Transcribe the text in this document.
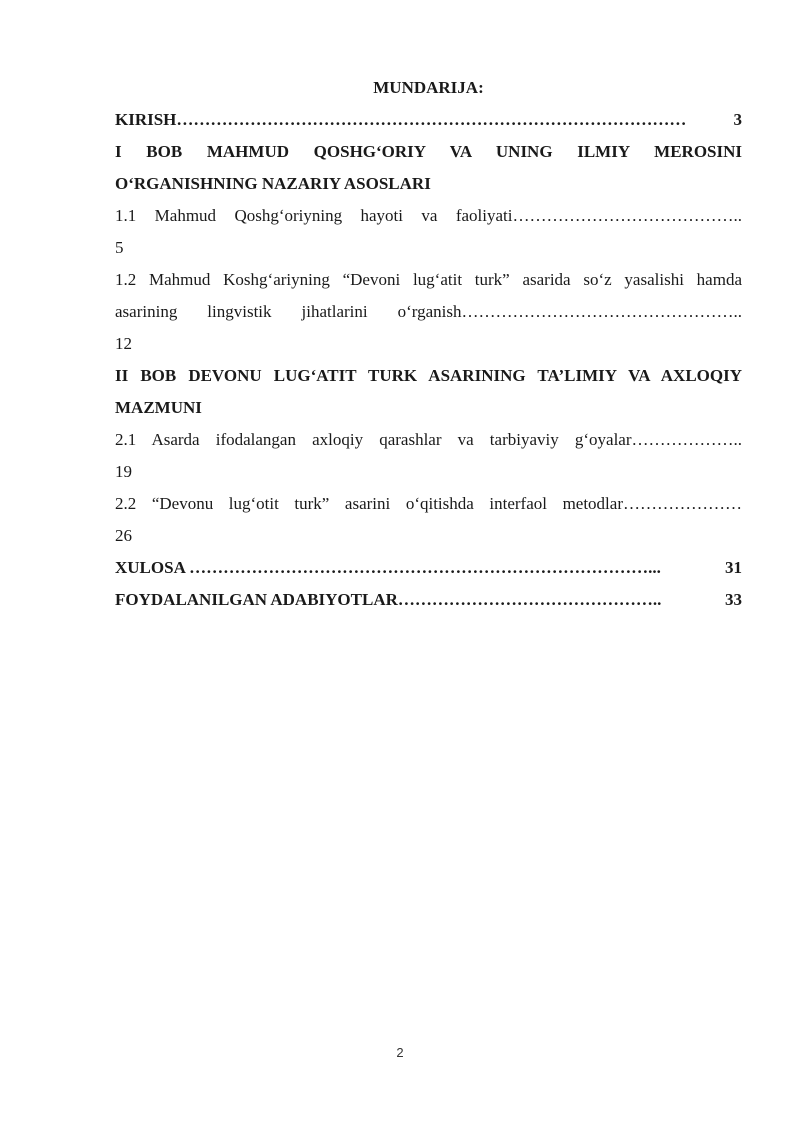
MUNDARIJA:

3
KIRISH………………………………………………………………………………

I BOB MAHMUD QOSHG‘ORIY VA UNING ILMIY MEROSINI
O‘RGANISHNING NAZARIY ASOSLARI

1.1 Mahmud Qoshg‘oriyning hayoti va faoliyati…………………………………..
5

1.2 Mahmud Koshg‘ariyning “Devoni lug‘atit turk” asarida so‘z yasalishi hamda
asarining lingvistik jihatlarini o‘rganish…………………………………………..
12

II BOB DEVONU LUG‘ATIT TURK ASARINING TA’LIMIY VA AXLOQIY
MAZMUNI

2.1 Asarda ifodalangan axloqiy qarashlar va tarbiyaviy g‘oyalar………………..
19

2.2 “Devonu lug‘otit turk” asarini o‘qitishda interfaol metodlar…………………
26

31
XULOSA ………………………………………………………………………...

33
FOYDALANILGAN ADABIYOTLAR………………………………………..

2
